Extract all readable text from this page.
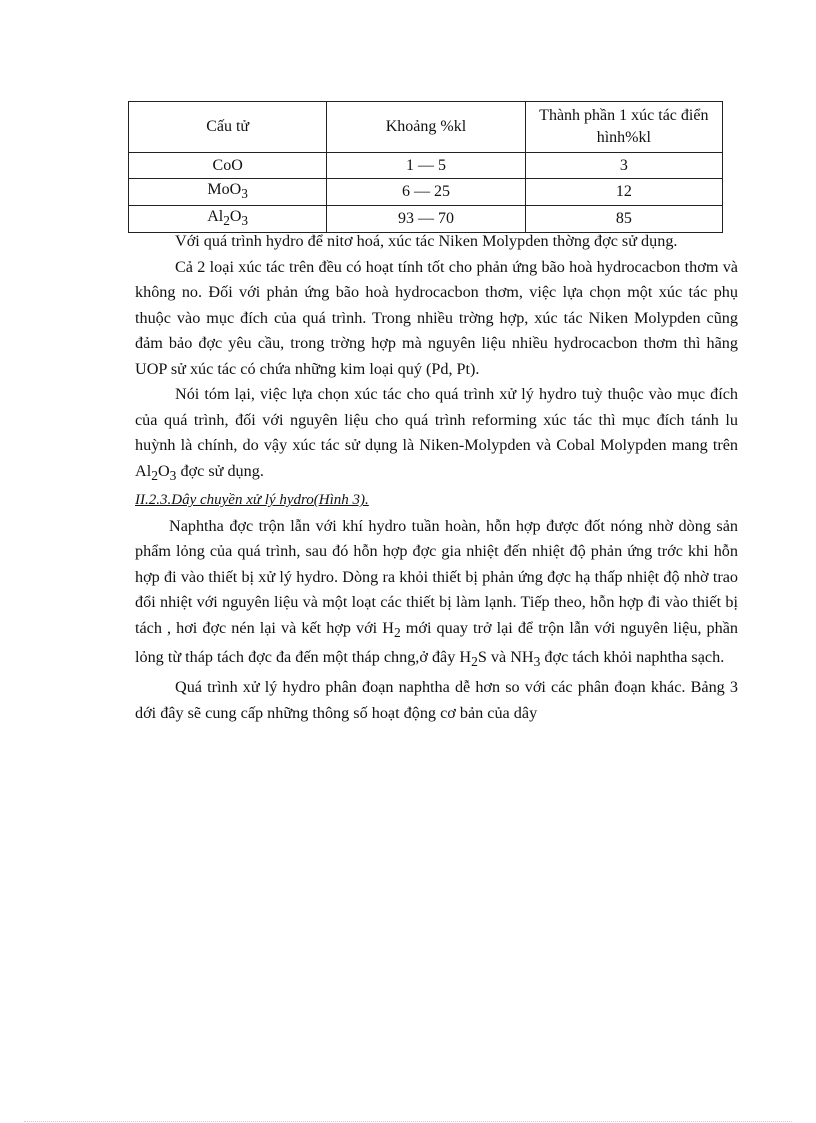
Cấu tử	Khoảng %kl	Thành phần 1 xúc tác điển hình%kl
CoO	1 — 5	3
MoO$_3$	6 — 25	12
$Al_2O_3$	93 — 70	85

Với quá trình hydro để nitơ hoá, xúc tác Niken Molypden thờng đợc sử dụng.

Cả 2 loại xúc tác trên đều có hoạt tính tốt cho phản ứng bão hoà hydrocacbon thơm và không no. Đối với phản ứng bão hoà hydrocacbon thơm, việc lựa chọn một xúc tác phụ thuộc vào mục đích của quá trình. Trong nhiều trờng hợp, xúc tác Niken Molypden cũng đảm bảo đợc yêu cầu, trong trờng hợp mà nguyên liệu nhiều hydrocacbon thơm thì hãng UOP sử xúc tác có chứa những kim loại quý (Pd, Pt).

Nói tóm lại, việc lựa chọn xúc tác cho quá trình xử lý hydro tuỳ thuộc vào mục đích của quá trình, đối với nguyên liệu cho quá trình reforming xúc tác thì mục đích tánh lu huỳnh là chính, do vậy xúc tác sử dụng là Niken-Molypden và Cobal Molypden mang trên $Al_2O_3$ đợc sử dụng.

II.2.3.Dây chuyền xử lý hydro(Hình 3).

Naphtha đợc trộn lẫn với khí hydro tuần hoàn, hỗn hợp được đốt nóng nhờ dòng sản phẩm lỏng của quá trình, sau đó hỗn hợp đợc gia nhiệt đến nhiệt độ phản ứng trớc khi hỗn hợp đi vào thiết bị xử lý hydro. Dòng ra khỏi thiết bị phản ứng đợc hạ thấp nhiệt độ nhờ trao đổi nhiệt với nguyên liệu và một loạt các thiết bị làm lạnh. Tiếp theo, hỗn hợp đi vào thiết bị tách , hơi đợc nén lại và kết hợp với $H_2$ mới quay trở lại để trộn lẫn với nguyên liệu, phần lỏng từ tháp tách đợc đa đến một tháp chng,ở đây $H_2S$ và $NH_3$ đợc tách khỏi naphtha sạch.

Quá trình xử lý hydro phân đoạn naphtha dễ hơn so với các phân đoạn khác. Bảng 3 dới đây sẽ cung cấp những thông số hoạt động cơ bản của dây
